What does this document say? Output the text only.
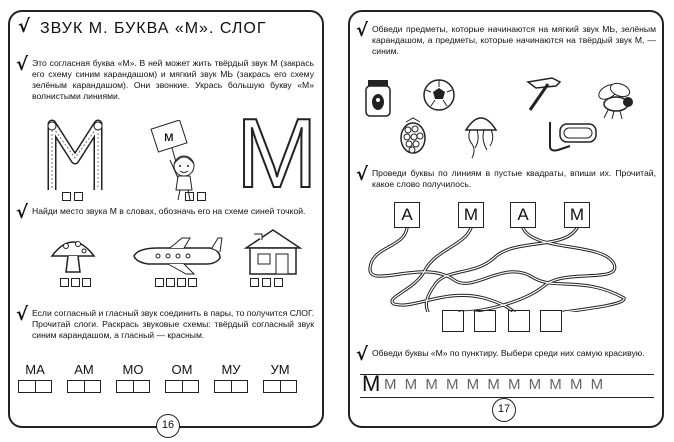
√ ЗВУК М. БУКВА «М». СЛОГ
√ Это согласная буква «М». В ней может жить твёрдый звук М (закрась его схему синим карандашом) и мягкий звук МЬ (закрась его схему зелёным карандашом). Они звонкие. Укрась большую букву «М» волнистыми линиями.
м М
√ Найди место звука М в словах, обозначь его на схеме синей точкой.
√ Если согласный и гласный звук соединить в пары, то получится СЛОГ. Прочитай слоги. Раскрась звуковые схемы: твёрдый согласный звук синим карандашом, а гласный — красным.
МА	АМ	МО	ОМ	МУ	УМ
16
√ Обведи предметы, которые начинаются на мягкий звук МЬ, зелёным карандашом, а предметы, которые начинаются на твёрдый звук М, — синим.
√ Проведи буквы по линиям в пустые квадраты, впиши их. Прочитай, какое слово получилось.
А	М	А	М
√ Обведи буквы «М» по пунктиру. Выбери среди них самую красивую.
М М М М М М М М М М М М
17
